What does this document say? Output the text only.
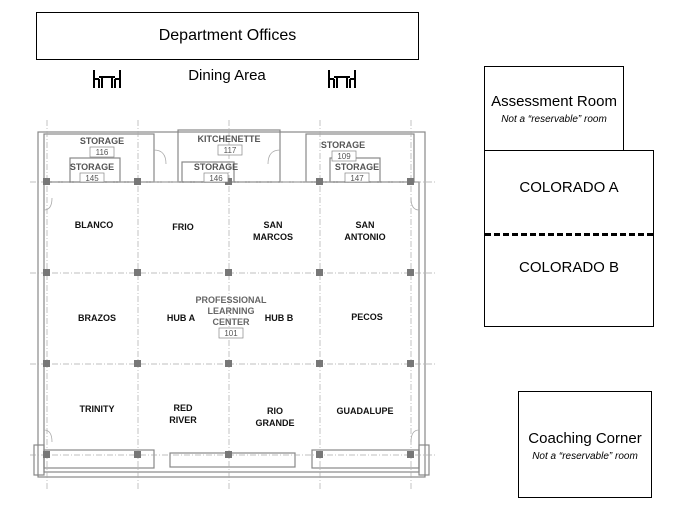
Department Offices
Dining Area
Assessment Room
Not a “reservable” room
COLORADO A
COLORADO B
Coaching Corner
Not a “reservable” room
STORAGE
116
STORAGE
145
KITCHENETTE
117
STORAGE
146
STORAGE
109
STORAGE
147
BLANCO	FRIO	SAN
MARCOS
SAN
ANTONIO
BRAZOS	HUB A
PROFESSIONAL
LEARNING
CENTER
101
HUB B	PECOS
TRINITY	RED
RIVER
RIO
GRANDE
GUADALUPE
